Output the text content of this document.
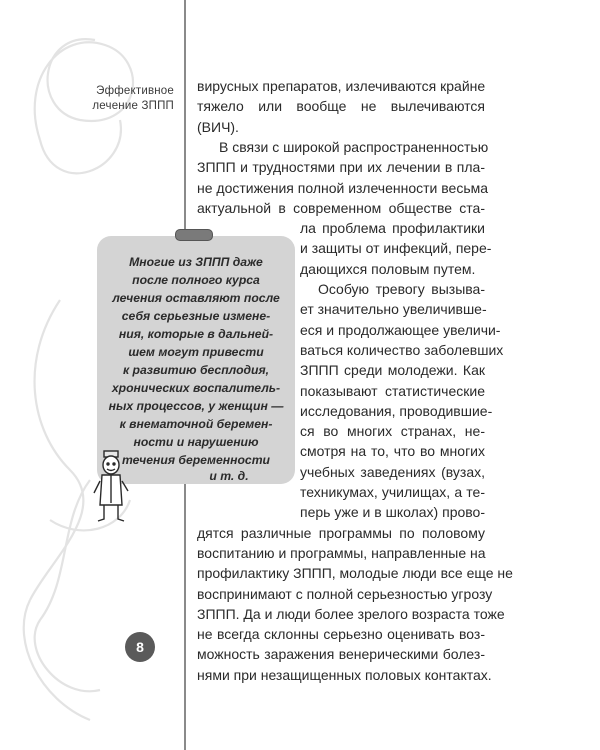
Эффективное
лечение ЗППП
Многие из ЗППП даже
после полного курса
лечения оставляют после
себя серьезные измене-
ния, которые в дальней-
шем могут привести
к развитию бесплодия,
хронических воспалитель-
ных процессов, у женщин —
к внематочной беремен-
ности и нарушению
течения беременности
и т. д.
вирусных препаратов, излечиваются крайне
тяжело или вообще не вылечиваются
(ВИЧ).
В связи с широкой распространенностью
ЗППП и трудностями при их лечении в пла-
не достижения полной излеченности весьма
актуальной в современном обществе ста-
ла проблема профилактики
и защиты от инфекций, пере-
дающихся половым путем.
Особую тревогу вызыва-
ет значительно увеличивше-
еся и продолжающее увеличи-
ваться количество заболевших
ЗППП среди молодежи. Как
показывают статистические
исследования, проводившие-
ся во многих странах, не-
смотря на то, что во многих
учебных заведениях (вузах,
техникумах, училищах, а те-
перь уже и в школах) прово-
дятся различные программы по половому
воспитанию и программы, направленные на
профилактику ЗППП, молодые люди все еще не
воспринимают с полной серьезностью угрозу
ЗППП. Да и люди более зрелого возраста тоже
не всегда склонны серьезно оценивать воз-
8	можность заражения венерическими болез-
нями при незащищенных половых контактах.
